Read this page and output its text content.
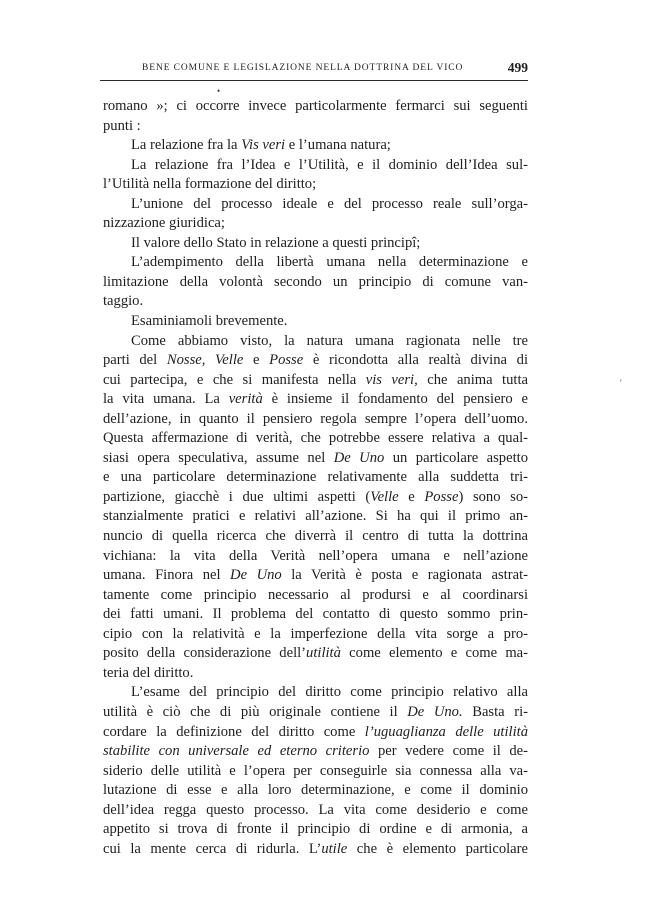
BENE COMUNE E LEGISLAZIONE NELLA DOTTRINA DEL VICO	499
•
'
romano »; ci occorre invece particolarmente fermarci sui seguenti
punti :
La relazione fra la Vis veri e l’umana natura;
La relazione fra l’Idea e l’Utilità, e il dominio dell’Idea sul-
l’Utilità nella formazione del diritto;
L’unione del processo ideale e del processo reale sull’orga-
nizzazione giuridica;
Il valore dello Stato in relazione a questi principî;
L’adempimento della libertà umana nella determinazione e
limitazione della volontà secondo un principio di comune van-
taggio.
Esaminiamoli brevemente.
Come abbiamo visto, la natura umana ragionata nelle tre
parti del Nosse, Velle e Posse è ricondotta alla realtà divina di
cui partecipa, e che si manifesta nella vis veri, che anima tutta
la vita umana. La verità è insieme il fondamento del pensiero e
dell’azione, in quanto il pensiero regola sempre l’opera dell’uomo.
Questa affermazione di verità, che potrebbe essere relativa a qual-
siasi opera speculativa, assume nel De Uno un particolare aspetto
e una particolare determinazione relativamente alla suddetta tri-
partizione, giacchè i due ultimi aspetti (Velle e Posse) sono so-
stanzialmente pratici e relativi all’azione. Si ha qui il primo an-
nuncio di quella ricerca che diverrà il centro di tutta la dottrina
vichiana: la vita della Verità nell’opera umana e nell’azione
umana. Finora nel De Uno la Verità è posta e ragionata astrat-
tamente come principio necessario al prodursi e al coordinarsi
dei fatti umani. Il problema del contatto di questo sommo prin-
cipio con la relatività e la imperfezione della vita sorge a pro-
posito della considerazione dell’utilità come elemento e come ma-
teria del diritto.
L’esame del principio del diritto come principio relativo alla
utilità è ciò che di più originale contiene il De Uno. Basta ri-
cordare la definizione del diritto come l’uguaglianza delle utilità
stabilite con universale ed eterno criterio per vedere come il de-
siderio delle utilità e l’opera per conseguirle sia connessa alla va-
lutazione di esse e alla loro determinazione, e come il dominio
dell’idea regga questo processo. La vita come desiderio e come
appetito si trova di fronte il principio di ordine e di armonia, a
cui la mente cerca di ridurla. L’utile che è elemento particolare
